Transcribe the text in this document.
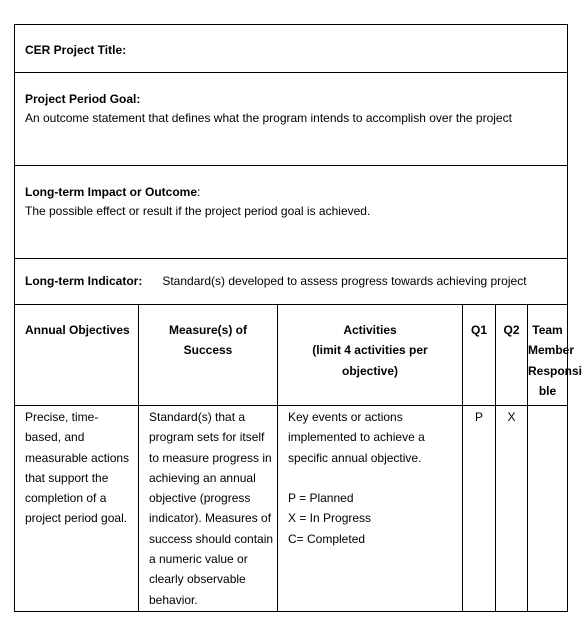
CER Project Title:
Project Period Goal:
An outcome statement that defines what the program intends to accomplish over the project
Long-term Impact or Outcome:
The possible effect or result if the project period goal is achieved.
Long-term Indicator: Standard(s) developed to assess progress towards achieving project
Annual Objectives
Precise, time-
based, and
measurable actions
that support the
completion of a
project period goal.
Measure(s) of
Success
Standard(s) that a
program sets for itself
to measure progress in
achieving an annual
objective (progress
indicator). Measures of
success should contain
a numeric value or
clearly observable
behavior.
Activities
(limit 4 activities per
objective)
Key events or actions
implemented to achieve a
specific annual objective.
P = Planned
X = In Progress
C= Completed
Q1
P
Q2
X
Team
Member
Responsi
ble
